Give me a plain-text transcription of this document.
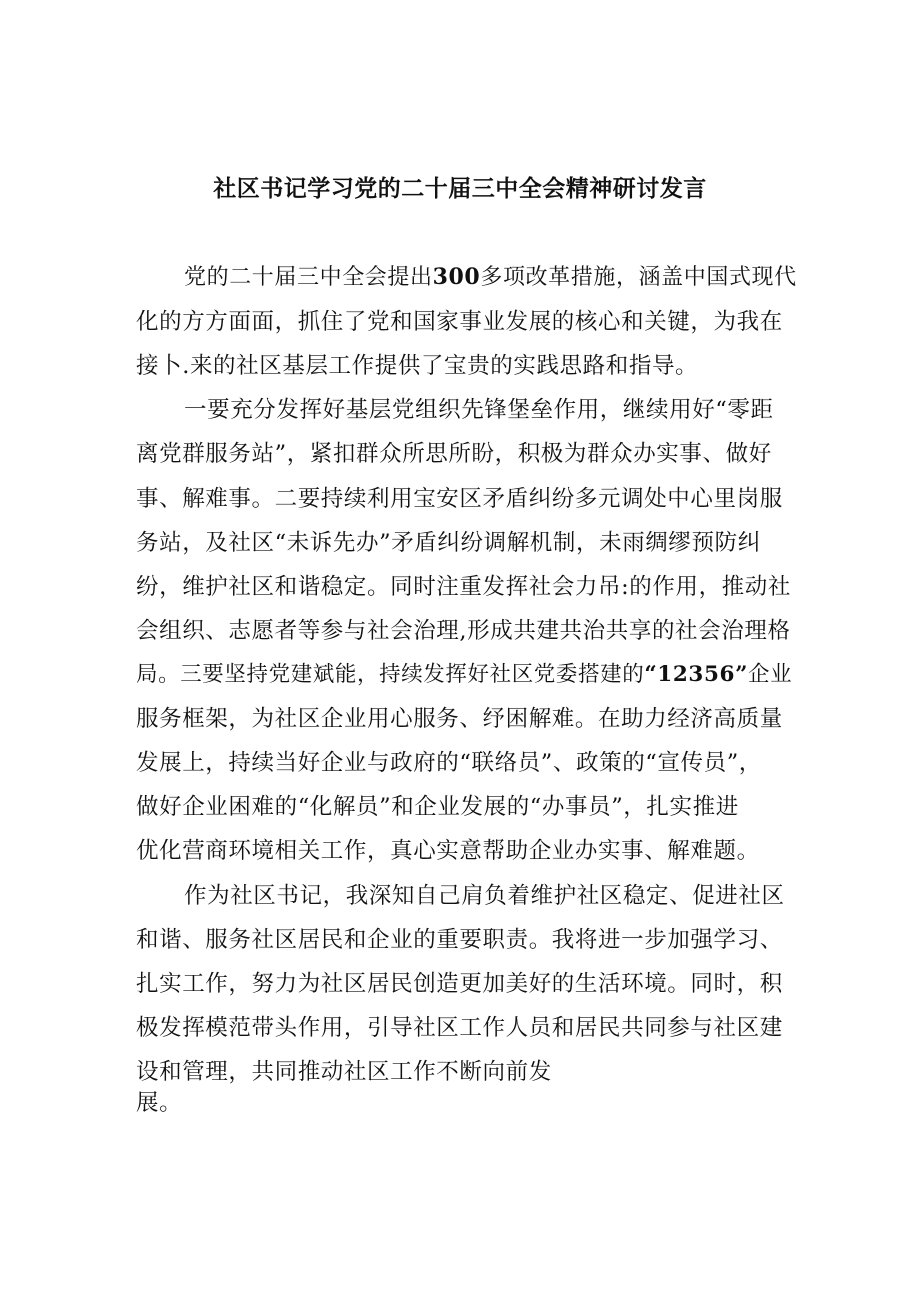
社区书记学习党的二十届三中全会精神研讨发言
党的二十届三中全会提出300多项改革措施，涵盖中国式现代
化的方方面面，抓住了党和国家事业发展的核心和关键，为我在
接卜.来的社区基层工作提供了宝贵的实践思路和指导。
一要充分发挥好基层党组织先锋堡垒作用，继续用好“零距
离党群服务站”，紧扣群众所思所盼，积极为群众办实事、做好
事、解难事。二要持续利用宝安区矛盾纠纷多元调处中心里岗服
务站，及社区“未诉先办”矛盾纠纷调解机制，未雨绸缪预防纠
纷，维护社区和谐稳定。同时注重发挥社会力吊:的作用，推动社
会组织、志愿者等参与社会治理,形成共建共治共享的社会治理格
局。三要坚持党建斌能，持续发挥好社区党委搭建的“12356”企业
服务框架，为社区企业用心服务、纾困解难。在助力经济高质量
发展上，持续当好企业与政府的“联络员”、政策的“宣传员”，
做好企业困难的“化解员”和企业发展的“办事员”，扎实推进
优化营商环境相关工作，真心实意帮助企业办实事、解难题。
作为社区书记，我深知自己肩负着维护社区稳定、促进社区
和谐、服务社区居民和企业的重要职责。我将进一步加强学习、
扎实工作，努力为社区居民创造更加美好的生活环境。同时，积
极发挥模范带头作用，引导社区工作人员和居民共同参与社区建
设和管理，共同推动社区工作不断向前发
展。
